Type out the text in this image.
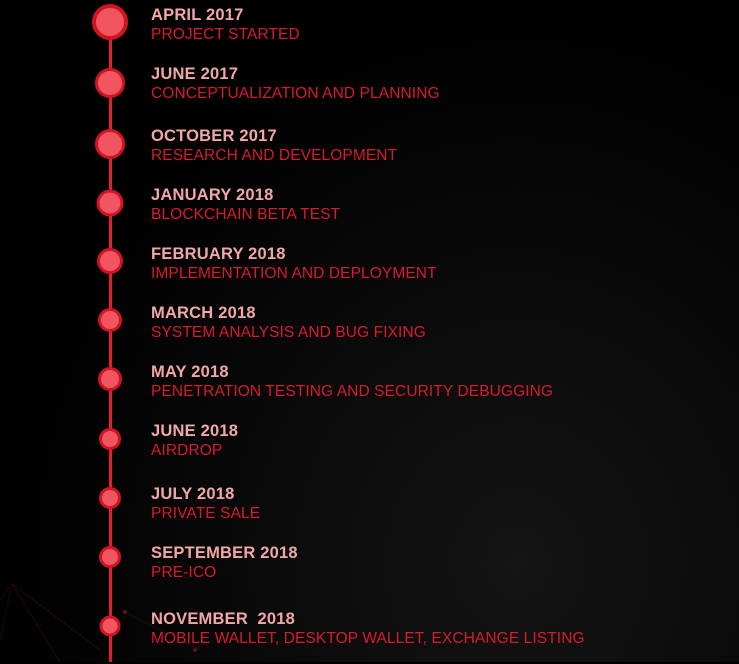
APRIL 2017
PROJECT STARTED
JUNE 2017
CONCEPTUALIZATION AND PLANNING
OCTOBER 2017
RESEARCH AND DEVELOPMENT
JANUARY 2018
BLOCKCHAIN BETA TEST
FEBRUARY 2018
IMPLEMENTATION AND DEPLOYMENT
MARCH 2018
SYSTEM ANALYSIS AND BUG FIXING
MAY 2018
PENETRATION TESTING AND SECURITY DEBUGGING
JUNE 2018
AIRDROP
JULY 2018
PRIVATE SALE
SEPTEMBER 2018
PRE-ICO
NOVEMBER  2018
MOBILE WALLET, DESKTOP WALLET, EXCHANGE LISTING
